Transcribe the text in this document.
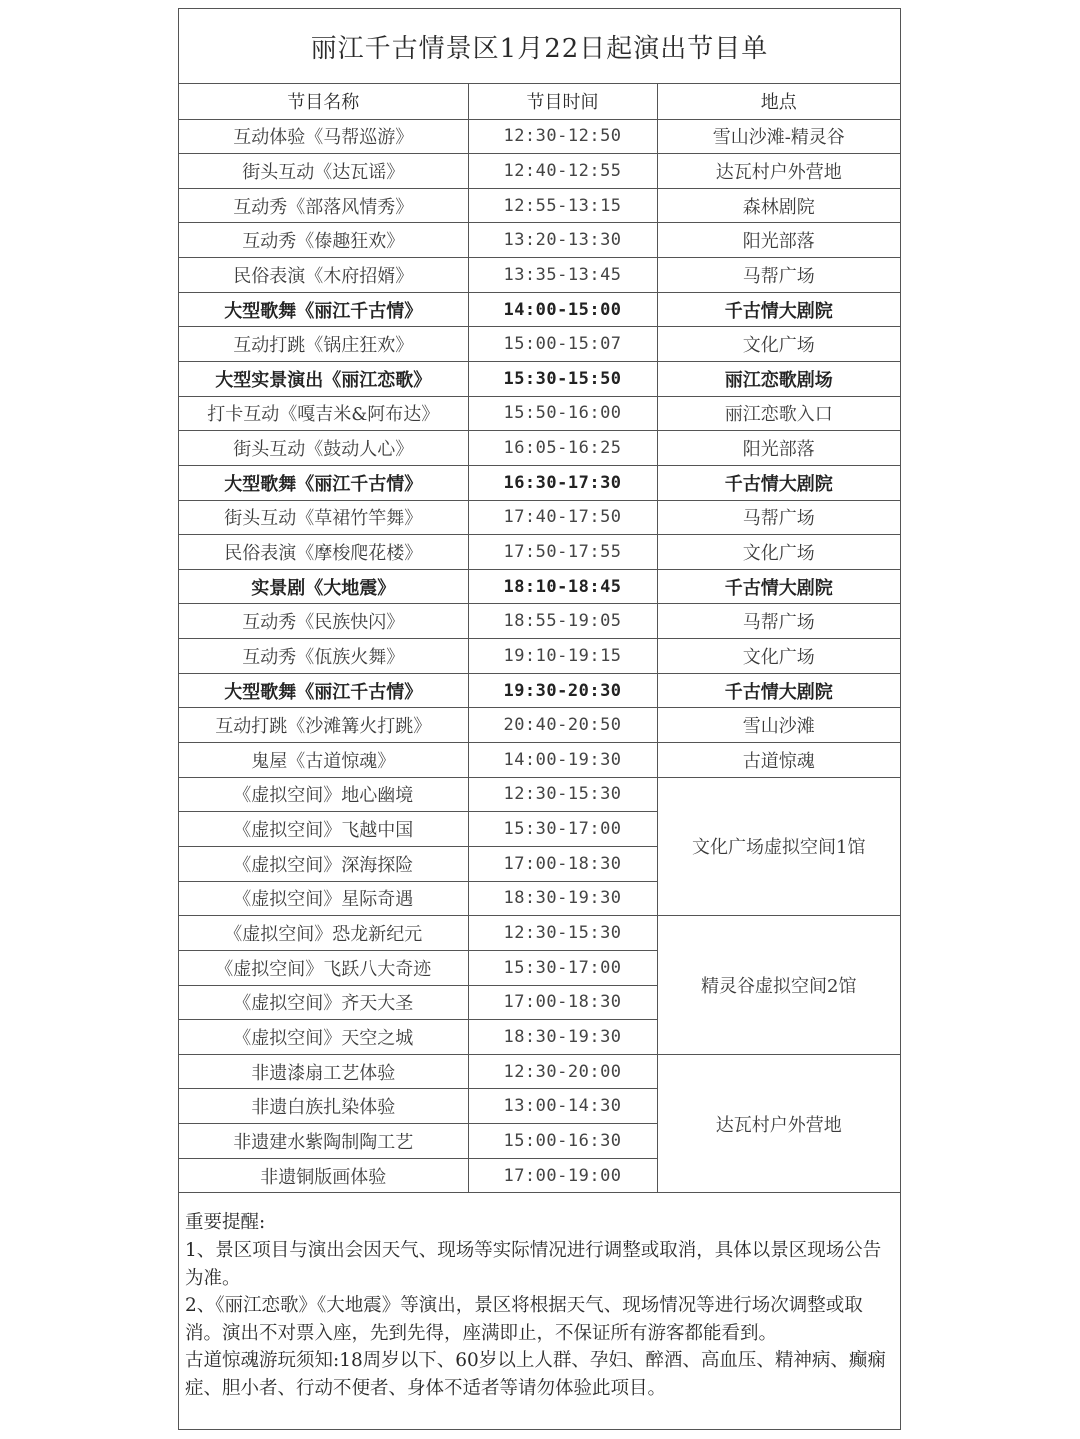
丽江千古情景区1月22日起演出节目单
节目名称	节目时间	地点
互动体验《马帮巡游》	12:30-12:50	雪山沙滩-精灵谷
街头互动《达瓦谣》	12:40-12:55	达瓦村户外营地
互动秀《部落风情秀》	12:55-13:15	森林剧院
互动秀《傣趣狂欢》	13:20-13:30	阳光部落
民俗表演《木府招婿》	13:35-13:45	马帮广场
大型歌舞《丽江千古情》	14:00-15:00	千古情大剧院
互动打跳《锅庄狂欢》	15:00-15:07	文化广场
大型实景演出《丽江恋歌》	15:30-15:50	丽江恋歌剧场
打卡互动《嘎吉米&阿布达》	15:50-16:00	丽江恋歌入口
街头互动《鼓动人心》	16:05-16:25	阳光部落
大型歌舞《丽江千古情》	16:30-17:30	千古情大剧院
街头互动《草裙竹竿舞》	17:40-17:50	马帮广场
民俗表演《摩梭爬花楼》	17:50-17:55	文化广场
实景剧《大地震》	18:10-18:45	千古情大剧院
互动秀《民族快闪》	18:55-19:05	马帮广场
互动秀《佤族火舞》	19:10-19:15	文化广场
大型歌舞《丽江千古情》	19:30-20:30	千古情大剧院
互动打跳《沙滩篝火打跳》	20:40-20:50	雪山沙滩
鬼屋《古道惊魂》	14:00-19:30	古道惊魂
《虚拟空间》地心幽境	12:30-15:30	文化广场虚拟空间1馆
《虚拟空间》飞越中国	15:30-17:00	
《虚拟空间》深海探险	17:00-18:30	
《虚拟空间》星际奇遇	18:30-19:30	
《虚拟空间》恐龙新纪元	12:30-15:30	精灵谷虚拟空间2馆
《虚拟空间》飞跃八大奇迹	15:30-17:00	
《虚拟空间》齐天大圣	17:00-18:30	
《虚拟空间》天空之城	18:30-19:30	
非遗漆扇工艺体验	12:30-20:00	达瓦村户外营地
非遗白族扎染体验	13:00-14:30	
非遗建水紫陶制陶工艺	15:00-16:30	
非遗铜版画体验	17:00-19:00	

重要提醒:

1、景区项目与演出会因天气、现场等实际情况进行调整或取消，具体以景区现场公告为准。

2、《丽江恋歌》《大地震》等演出，景区将根据天气、现场情况等进行场次调整或取消。演出不对票入座，先到先得，座满即止，不保证所有游客都能看到。

古道惊魂游玩须知:18周岁以下、60岁以上人群、孕妇、醉酒、高血压、精神病、癫痫症、胆小者、行动不便者、身体不适者等请勿体验此项目。
